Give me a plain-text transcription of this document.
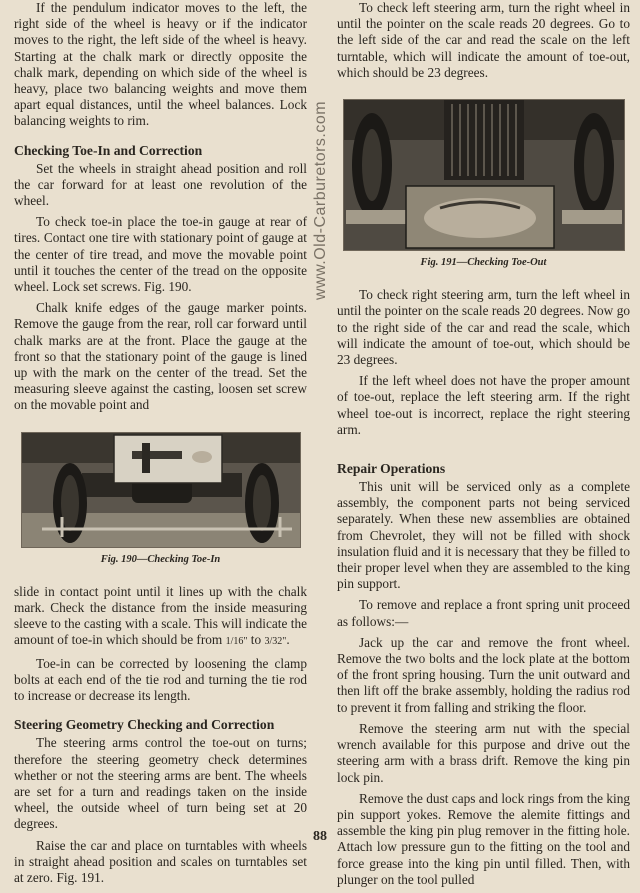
If the pendulum indicator moves to the left, the right side of the wheel is heavy or if the indicator moves to the right, the left side of the wheel is heavy. Starting at the chalk mark or directly opposite the chalk mark, depending on which side of the wheel is heavy, place two balancing weights and move them apart equal distances, until the wheel balances. Lock balancing weights to rim.

Checking Toe-In and Correction

Set the wheels in straight ahead position and roll the car forward for at least one revolution of the wheel.

To check toe-in place the toe-in gauge at rear of tires. Contact one tire with stationary point of gauge at the center of tire tread, and move the movable point until it touches the center of the tread on the opposite wheel. Lock set screws. Fig. 190.

Chalk knife edges of the gauge marker points. Remove the gauge from the rear, roll car forward until chalk marks are at the front. Place the gauge at the front so that the stationary point of the gauge is lined up with the mark on the center of the tread. Set the measuring sleeve against the casting, loosen set screw on the movable point and

Fig. 190—Checking Toe-In

slide in contact point until it lines up with the chalk mark. Check the distance from the inside measuring sleeve to the casting with a scale. This will indicate the amount of toe-in which should be from 1/16" to 3/32".

Toe-in can be corrected by loosening the clamp bolts at each end of the tie rod and turning the tie rod to increase or decrease its length.

Steering Geometry Checking and Correction

The steering arms control the toe-out on turns; therefore the steering geometry check determines whether or not the steering arms are bent. The wheels are set for a turn and readings taken on the inside wheel, the outside wheel of turn being set at 20 degrees.

Raise the car and place on turntables with wheels in straight ahead position and scales on turntables set at zero. Fig. 191.

www.Old-Carburetors.com

To check left steering arm, turn the right wheel in until the pointer on the scale reads 20 degrees. Go to the left side of the car and read the scale on the left turntable, which will indicate the amount of toe-out, which should be 23 degrees.

Fig. 191—Checking Toe-Out

To check right steering arm, turn the left wheel in until the pointer on the scale reads 20 degrees. Now go to the right side of the car and read the scale, which will indicate the amount of toe-out, which should be 23 degrees.

If the left wheel does not have the proper amount of toe-out, replace the left steering arm. If the right wheel toe-out is incorrect, replace the right steering arm.

Repair Operations

This unit will be serviced only as a complete assembly, the component parts not being serviced separately. When these new assemblies are obtained from Chevrolet, they will not be filled with shock insulation fluid and it is necessary that they be filled to their proper level when they are assembled to the king pin support.

To remove and replace a front spring unit proceed as follows:—

Jack up the car and remove the front wheel. Remove the two bolts and the lock plate at the bottom of the front spring housing. Turn the unit outward and then lift off the brake assembly, holding the radius rod to prevent it from falling and striking the floor.

Remove the steering arm nut with the special wrench available for this purpose and drive out the steering arm with a brass drift. Remove the king pin lock pin.

Remove the dust caps and lock rings from the king pin support yokes. Remove the alemite fittings and assemble the king pin plug remover in the fitting hole. Attach low pressure gun to the fitting on the tool and force grease into the king pin until filled. Then, with plunger on the tool pulled

88
